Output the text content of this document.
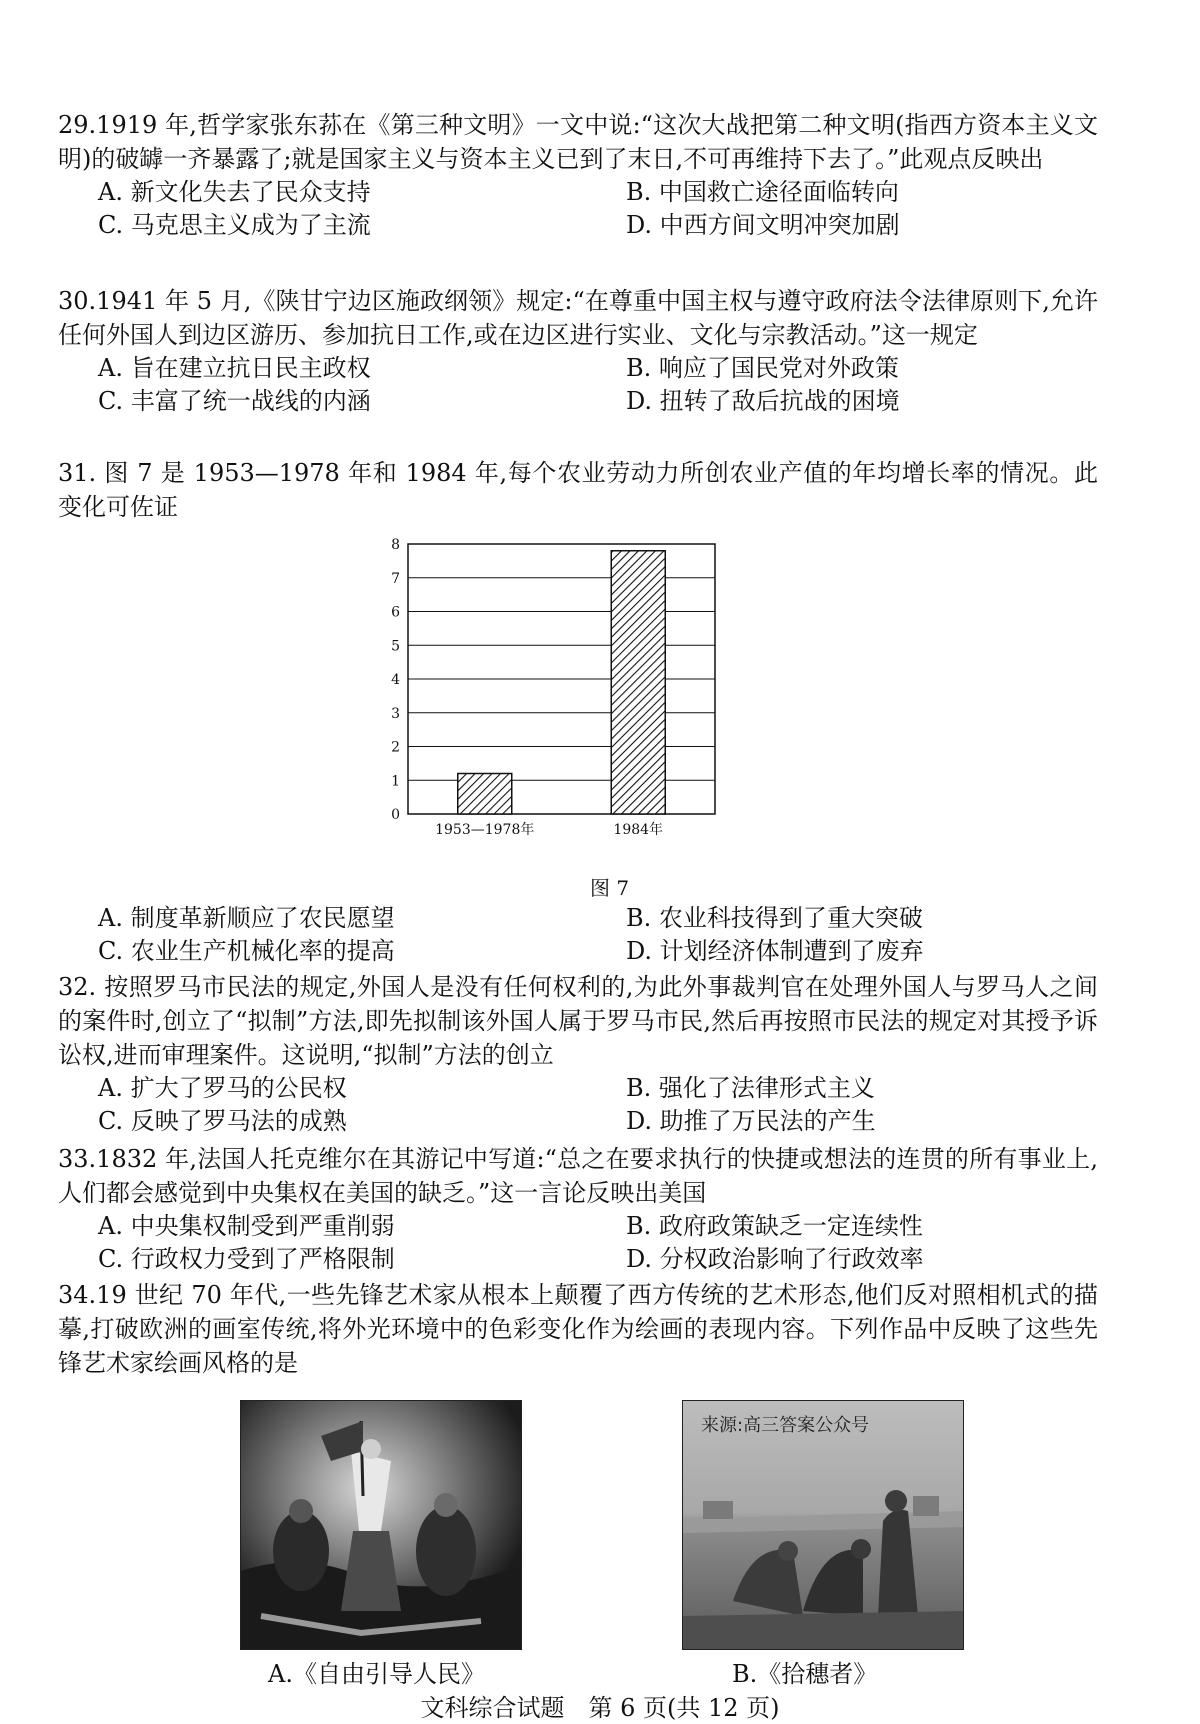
29.1919 年,哲学家张东荪在《第三种文明》一文中说:“这次大战把第二种文明(指西方资本主义文明)的破罅一齐暴露了;就是国家主义与资本主义已到了末日,不可再维持下去了。”此观点反映出

A. 新文化失去了民众支持	B. 中国救亡途径面临转向
C. 马克思主义成为了主流	D. 中西方间文明冲突加剧

30.1941 年 5 月,《陕甘宁边区施政纲领》规定:“在尊重中国主权与遵守政府法令法律原则下,允许任何外国人到边区游历、参加抗日工作,或在边区进行实业、文化与宗教活动。”这一规定

A. 旨在建立抗日民主政权	B. 响应了国民党对外政策
C. 丰富了统一战线的内涵	D. 扭转了敌后抗战的困境

31. 图 7 是 1953—1978 年和 1984 年,每个农业劳动力所创农业产值的年均增长率的情况。此变化可佐证

0
1
2
3
4
5
6
7
8
1953—1978年	1984年
图 7
A. 制度革新顺应了农民愿望	B. 农业科技得到了重大突破
C. 农业生产机械化率的提高	D. 计划经济体制遭到了废弃

32. 按照罗马市民法的规定,外国人是没有任何权利的,为此外事裁判官在处理外国人与罗马人之间的案件时,创立了“拟制”方法,即先拟制该外国人属于罗马市民,然后再按照市民法的规定对其授予诉讼权,进而审理案件。这说明,“拟制”方法的创立

A. 扩大了罗马的公民权	B. 强化了法律形式主义
C. 反映了罗马法的成熟	D. 助推了万民法的产生

33.1832 年,法国人托克维尔在其游记中写道:“总之在要求执行的快捷或想法的连贯的所有事业上,人们都会感觉到中央集权在美国的缺乏。”这一言论反映出美国

A. 中央集权制受到严重削弱	B. 政府政策缺乏一定连续性
C. 行政权力受到了严格限制	D. 分权政治影响了行政效率

34.19 世纪 70 年代,一些先锋艺术家从根本上颠覆了西方传统的艺术形态,他们反对照相机式的描摹,打破欧洲的画室传统,将外光环境中的色彩变化作为绘画的表现内容。下列作品中反映了这些先锋艺术家绘画风格的是

A.《自由引导人民》
来源:高三答案公众号
B.《拾穗者》
文科综合试题　第 6 页(共 12 页)
